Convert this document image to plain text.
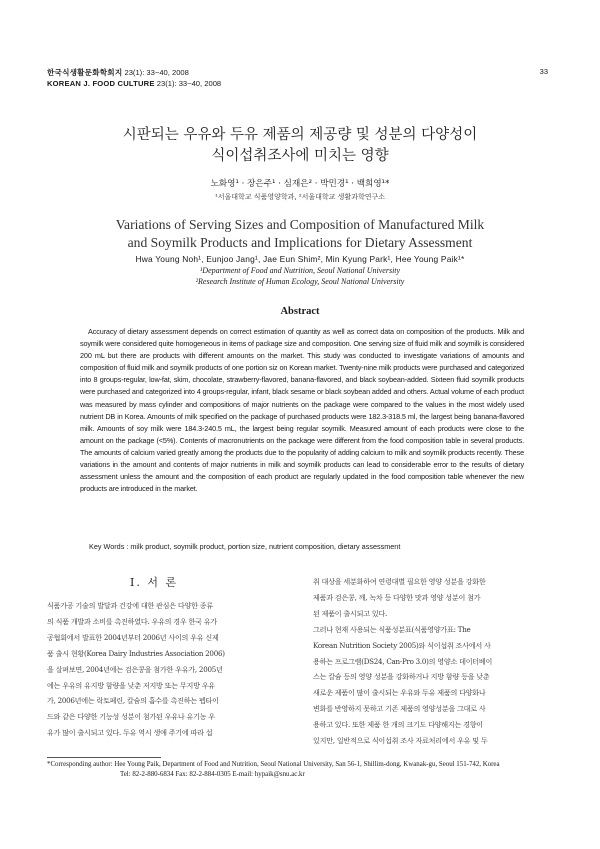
한국식생활문화학회지 23(1): 33~40, 2008
KOREAN J. FOOD CULTURE 23(1): 33~40, 2008
33
시판되는 우유와 두유 제품의 제공량 및 성분의 다양성이
식이섭취조사에 미치는 영향
노화영¹ · 장은주¹ · 심재은² · 박민경¹ · 백희영¹*
¹서울대학교 식품영양학과, ²서울대학교 생활과학연구소
Variations of Serving Sizes and Composition of Manufactured Milk
and Soymilk Products and Implications for Dietary Assessment
Hwa Young Noh¹, Eunjoo Jang¹, Jae Eun Shim², Min Kyung Park¹, Hee Young Paik¹*
¹Department of Food and Nutrition, Seoul National University
²Research Institute of Human Ecology, Seoul National University
Abstract

Accuracy of dietary assessment depends on correct estimation of quantity as well as correct data on composition of the products. Milk and soymilk were considered quite homogeneous in items of package size and composition. One serving size of fluid milk and soymilk is considered 200 mL but there are products with different amounts on the market. This study was conducted to investigate variations of amounts and composition of fluid milk and soymilk products of one portion siz on Korean market. Twenty-nine milk products were purchased and categorized into 8 groups-regular, low-fat, skim, chocolate, strawberry-flavored, banana-flavored, and black soybean-added. Sixteen fluid soymilk products were purchased and categorized into 4 groups-regular, infant, black sesame or black soybean added and others. Actual volume of each product was measured by mass cylinder and compositions of major nutrients on the package were compared to the values in the most widely used nutrient DB in Korea. Amounts of milk specified on the package of purchased products were 182.3-318.5 ml, the largest being banana-flavored milk. Amounts of soy milk were 184.3-240.5 mL, the largest being regular soymilk. Measured amount of each products were close to the amount on the package (<5%). Contents of macronutrients on the package were different from the food composition table in several products. The amounts of calcium varied greatly among the products due to the popularity of adding calcium to milk and soymilk products recently. These variations in the amount and contents of major nutrients in milk and soymilk products can lead to considerable error to the results of dietary assessment unless the amount and the composition of each product are regularly updated in the food composition table whenever the new products are introduced in the market.

Key Words : milk product, soymilk product, portion size, nutrient composition, dietary assessment
Ⅰ. 서 론
식품가공 기술의 발달과 건강에 대한 관심은 다양한 종류
의 식품 개발과 소비를 촉진하였다. 우유의 경우 한국 유가
공협회에서 발표한 2004년부터 2006년 사이의 우유 신제
품 출시 현황(Korea Dairy Industries Association 2006)
을 살펴보면, 2004년에는 검은콩을 첨가한 우유가, 2005년
에는 우유의 유지방 함량을 낮춘 저지방 또는 무지방 우유
가, 2006년에는 락토페린, 칼슘의 흡수를 촉진하는 펩타이
드와 같은 다양한 기능성 성분이 첨가된 우유나 유기농 우
유가 많이 출시되고 있다. 두유 역시 생애 주기에 따라 섭
취 대상을 세분화하여 연령대별 필요한 영양 성분을 강화한
제품과 검은콩, 깨, 녹차 등 다양한 맛과 영양 성분이 첨가
된 제품이 출시되고 있다.
그러나 현재 사용되는 식품성분표(식품영양가표: The
Korean Nutrition Society 2005)와 식이섭취 조사에서 사
용하는 프로그램(DS24, Can-Pro 3.0)의 영양소 데이터베이
스는 칼슘 등의 영양 성분을 강화하거나 지방 함량 등을 낮춘
새로운 제품이 많이 출시되는 우유와 두유 제품의 다양화나
변화를 반영하지 못하고 기존 제품의 영양성분을 그대로 사
용하고 있다. 또한 제품 한 개의 크기도 다양해지는 경향이
있지만, 일반적으로 식이섭취 조사 자료처리에서 우유 및 두
*Corresponding author: Hee Young Paik, Department of Food and Nutrition, Seoul National University, San 56-1, Shillim-dong, Kwanak-gu, Seoul 151-742, Korea
Tel: 82-2-880-6834 Fax: 82-2-884-0305 E-mail: hypaik@snu.ac.kr
